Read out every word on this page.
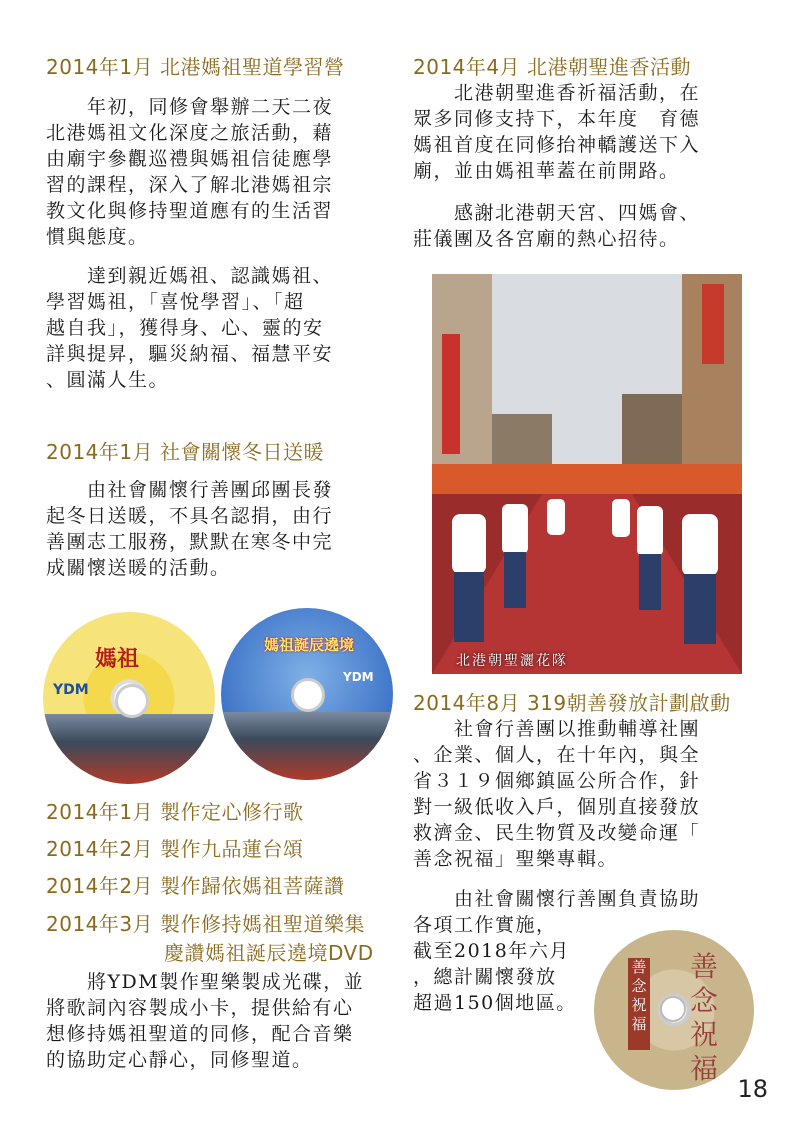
2014年1月 北港媽祖聖道學習營
　　年初，同修會舉辦二天二夜
北港媽祖文化深度之旅活動，藉
由廟宇參觀巡禮與媽祖信徒應學
習的課程，深入了解北港媽祖宗
教文化與修持聖道應有的生活習
慣與態度。
　　達到親近媽祖、認識媽祖、
學習媽祖，「喜悅學習」、「超
越自我」，獲得身、心、靈的安
詳與提昇，驅災納福、福慧平安
、圓滿人生。
2014年1月 社會關懷冬日送暖
　　由社會關懷行善團邱團長發
起冬日送暖，不具名認捐，由行
善團志工服務，默默在寒冬中完
成關懷送暖的活動。
媽祖
YDM
媽祖誕辰遶境
YDM
2014年1月 製作定心修行歌
2014年2月 製作九品蓮台頌
2014年2月 製作歸依媽祖菩薩讚
2014年3月 製作修持媽祖聖道樂集
慶讚媽祖誕辰遶境DVD
　　將YDM製作聖樂製成光碟，並
將歌詞內容製成小卡，提供給有心
想修持媽祖聖道的同修，配合音樂
的協助定心靜心，同修聖道。
2014年4月 北港朝聖進香活動
　　北港朝聖進香祈福活動，在
眾多同修支持下，本年度　育德
媽祖首度在同修抬神轎護送下入
廟，並由媽祖華蓋在前開路。
　　感謝北港朝天宮、四媽會、
莊儀團及各宮廟的熱心招待。
北港朝聖灑花隊
2014年8月 319朝善發放計劃啟動
　　社會行善團以推動輔導社團
、企業、個人，在十年內，與全
省３１９個鄉鎮區公所合作，針
對一級低收入戶，個別直接發放
救濟金、民生物質及改變命運「
善念祝福」聖樂專輯。
　　由社會關懷行善團負責協助
各項工作實施，
截至2018年六月
，總計關懷發放
超過150個地區。
善念祝福
善念祝福
18
